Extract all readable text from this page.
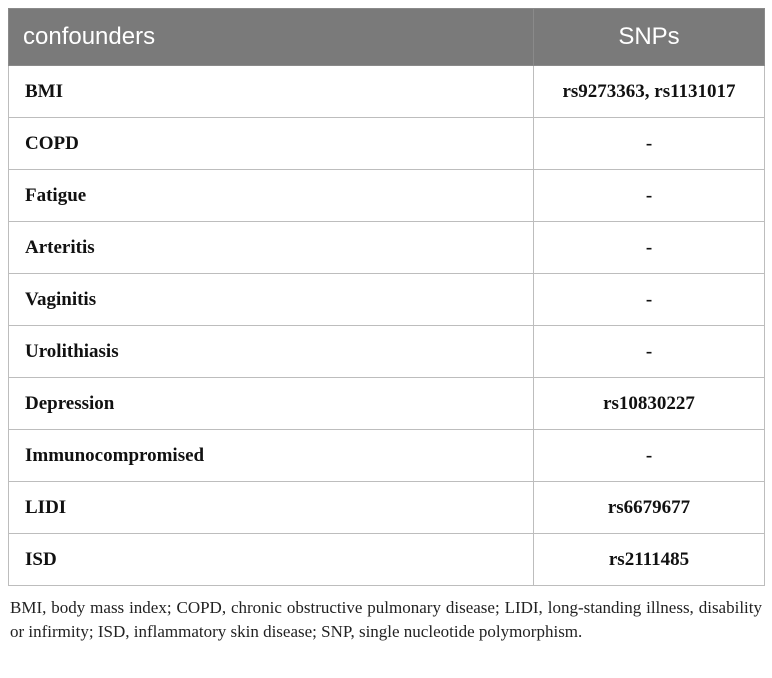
confounders	SNPs
BMI	rs9273363, rs1131017
COPD	-
Fatigue	-
Arteritis	-
Vaginitis	-
Urolithiasis	-
Depression	rs10830227
Immunocompromised	-
LIDI	rs6679677
ISD	rs2111485
BMI, body mass index; COPD, chronic obstructive pulmonary disease; LIDI, long-standing illness, disability or infirmity; ISD, inflammatory skin disease; SNP, single nucleotide polymorphism.
